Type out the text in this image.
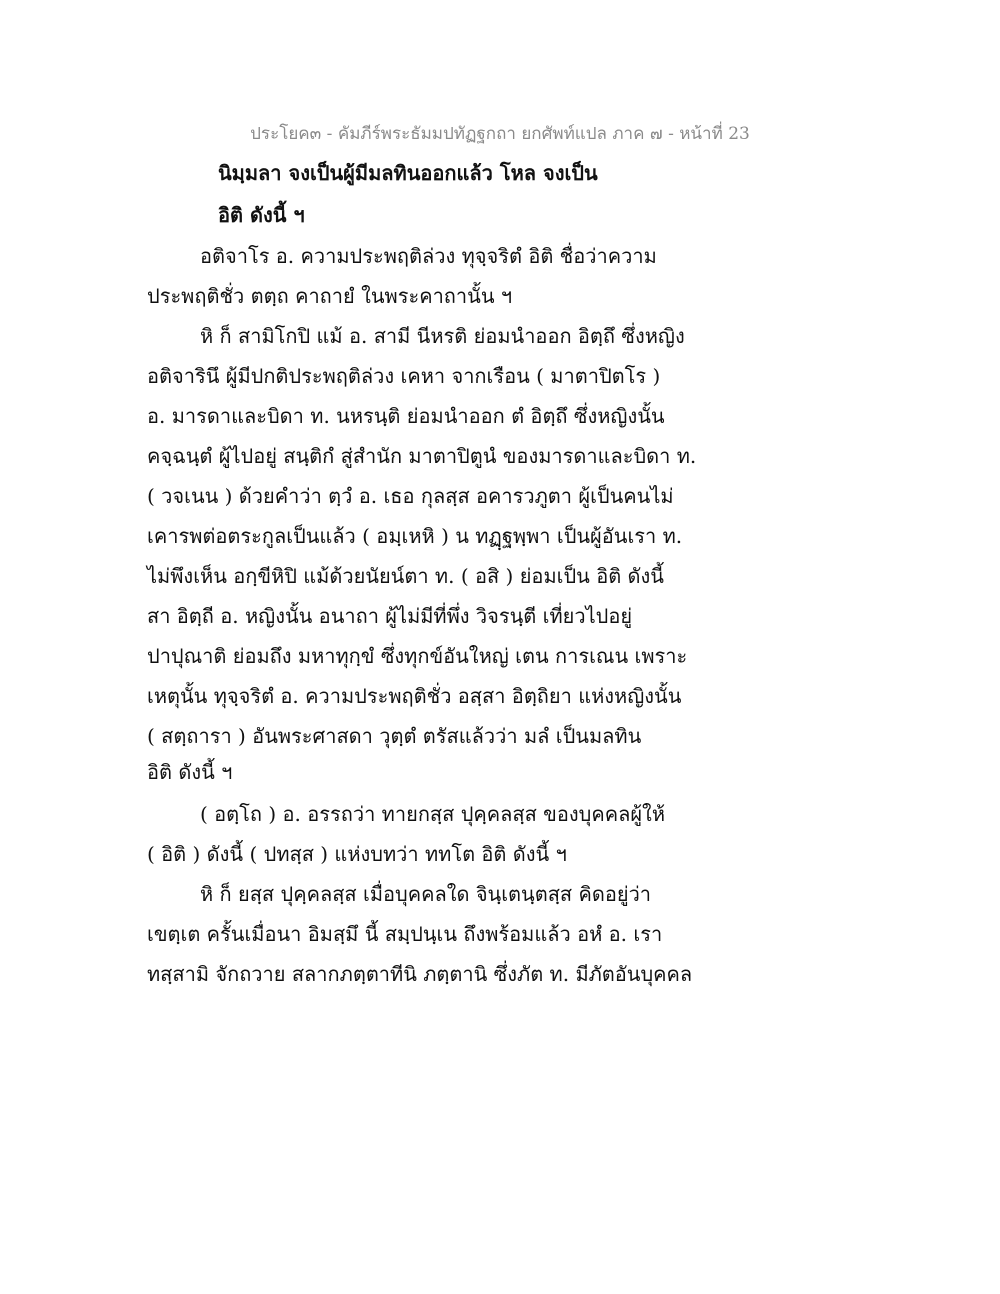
ประโยค๓ - คัมภีร์พระธัมมปทัฏฐกถา ยกศัพท์แปล ภาค ๗ - หน้าที่ 23
นิมฺมลา จงเป็นผู้มีมลทินออกแล้ว โหล จงเป็น
อิติ ดังนี้ ฯ
อติจาโร อ. ความประพฤติล่วง ทุจฺจริตํ อิติ ชื่อว่าความ
ประพฤติชั่ว ตตฺถ คาถายํ ในพระคาถานั้น ฯ
หิ ก็ สามิโกปิ แม้ อ. สามี นีหรติ ย่อมนำออก อิตฺถึ ซึ่งหญิง
อติจารินึ ผู้มีปกติประพฤติล่วง เคหา จากเรือน ( มาตาปิตโร )
อ. มารดาและบิดา ท. นหรนฺติ ย่อมนำออก ตํ อิตฺถึ ซึ่งหญิงนั้น
คจฺฉนฺตํ ผู้ไปอยู่ สนฺติกํ สู่สำนัก มาตาปิตูนํ ของมารดาและบิดา ท.
( วจเนน ) ด้วยคำว่า ตฺวํ อ. เธอ กุลสฺส อคารวภูตา ผู้เป็นคนไม่
เคารพต่อตระกูลเป็นแล้ว ( อมฺเหหิ ) น ทฏฺฐพฺพา เป็นผู้อันเรา ท.
ไม่พึงเห็น อกฺขีหิปิ แม้ด้วยนัยน์ตา ท. ( อสิ ) ย่อมเป็น อิติ ดังนี้
สา อิตฺถี อ. หญิงนั้น อนาถา ผู้ไม่มีที่พึ่ง วิจรนฺตี เที่ยวไปอยู่
ปาปุณาติ ย่อมถึง มหาทุกฺขํ ซึ่งทุกข์อันใหญ่ เตน การเณน เพราะ
เหตุนั้น ทุจฺจริตํ อ. ความประพฤติชั่ว อสฺสา อิตฺถิยา แห่งหญิงนั้น
( สตฺถารา ) อันพระศาสดา วุตฺตํ ตรัสแล้วว่า มลํ เป็นมลทิน
อิติ ดังนี้ ฯ
( อตฺโถ ) อ. อรรถว่า ทายกสฺส ปุคฺคลสฺส ของบุคคลผู้ให้
( อิติ ) ดังนี้ ( ปทสฺส ) แห่งบทว่า ททโต อิติ ดังนี้ ฯ
หิ ก็ ยสฺส ปุคฺคลสฺส เมื่อบุคคลใด จินฺเตนฺตสฺส คิดอยู่ว่า
เขตฺเต ครั้นเมื่อนา อิมสฺมึ นี้ สมฺปนฺเน ถึงพร้อมแล้ว อหํ อ. เรา
ทสฺสามิ จักถวาย สลากภตฺตาทีนิ ภตฺตานิ ซึ่งภัต ท. มีภัตอันบุคคล
